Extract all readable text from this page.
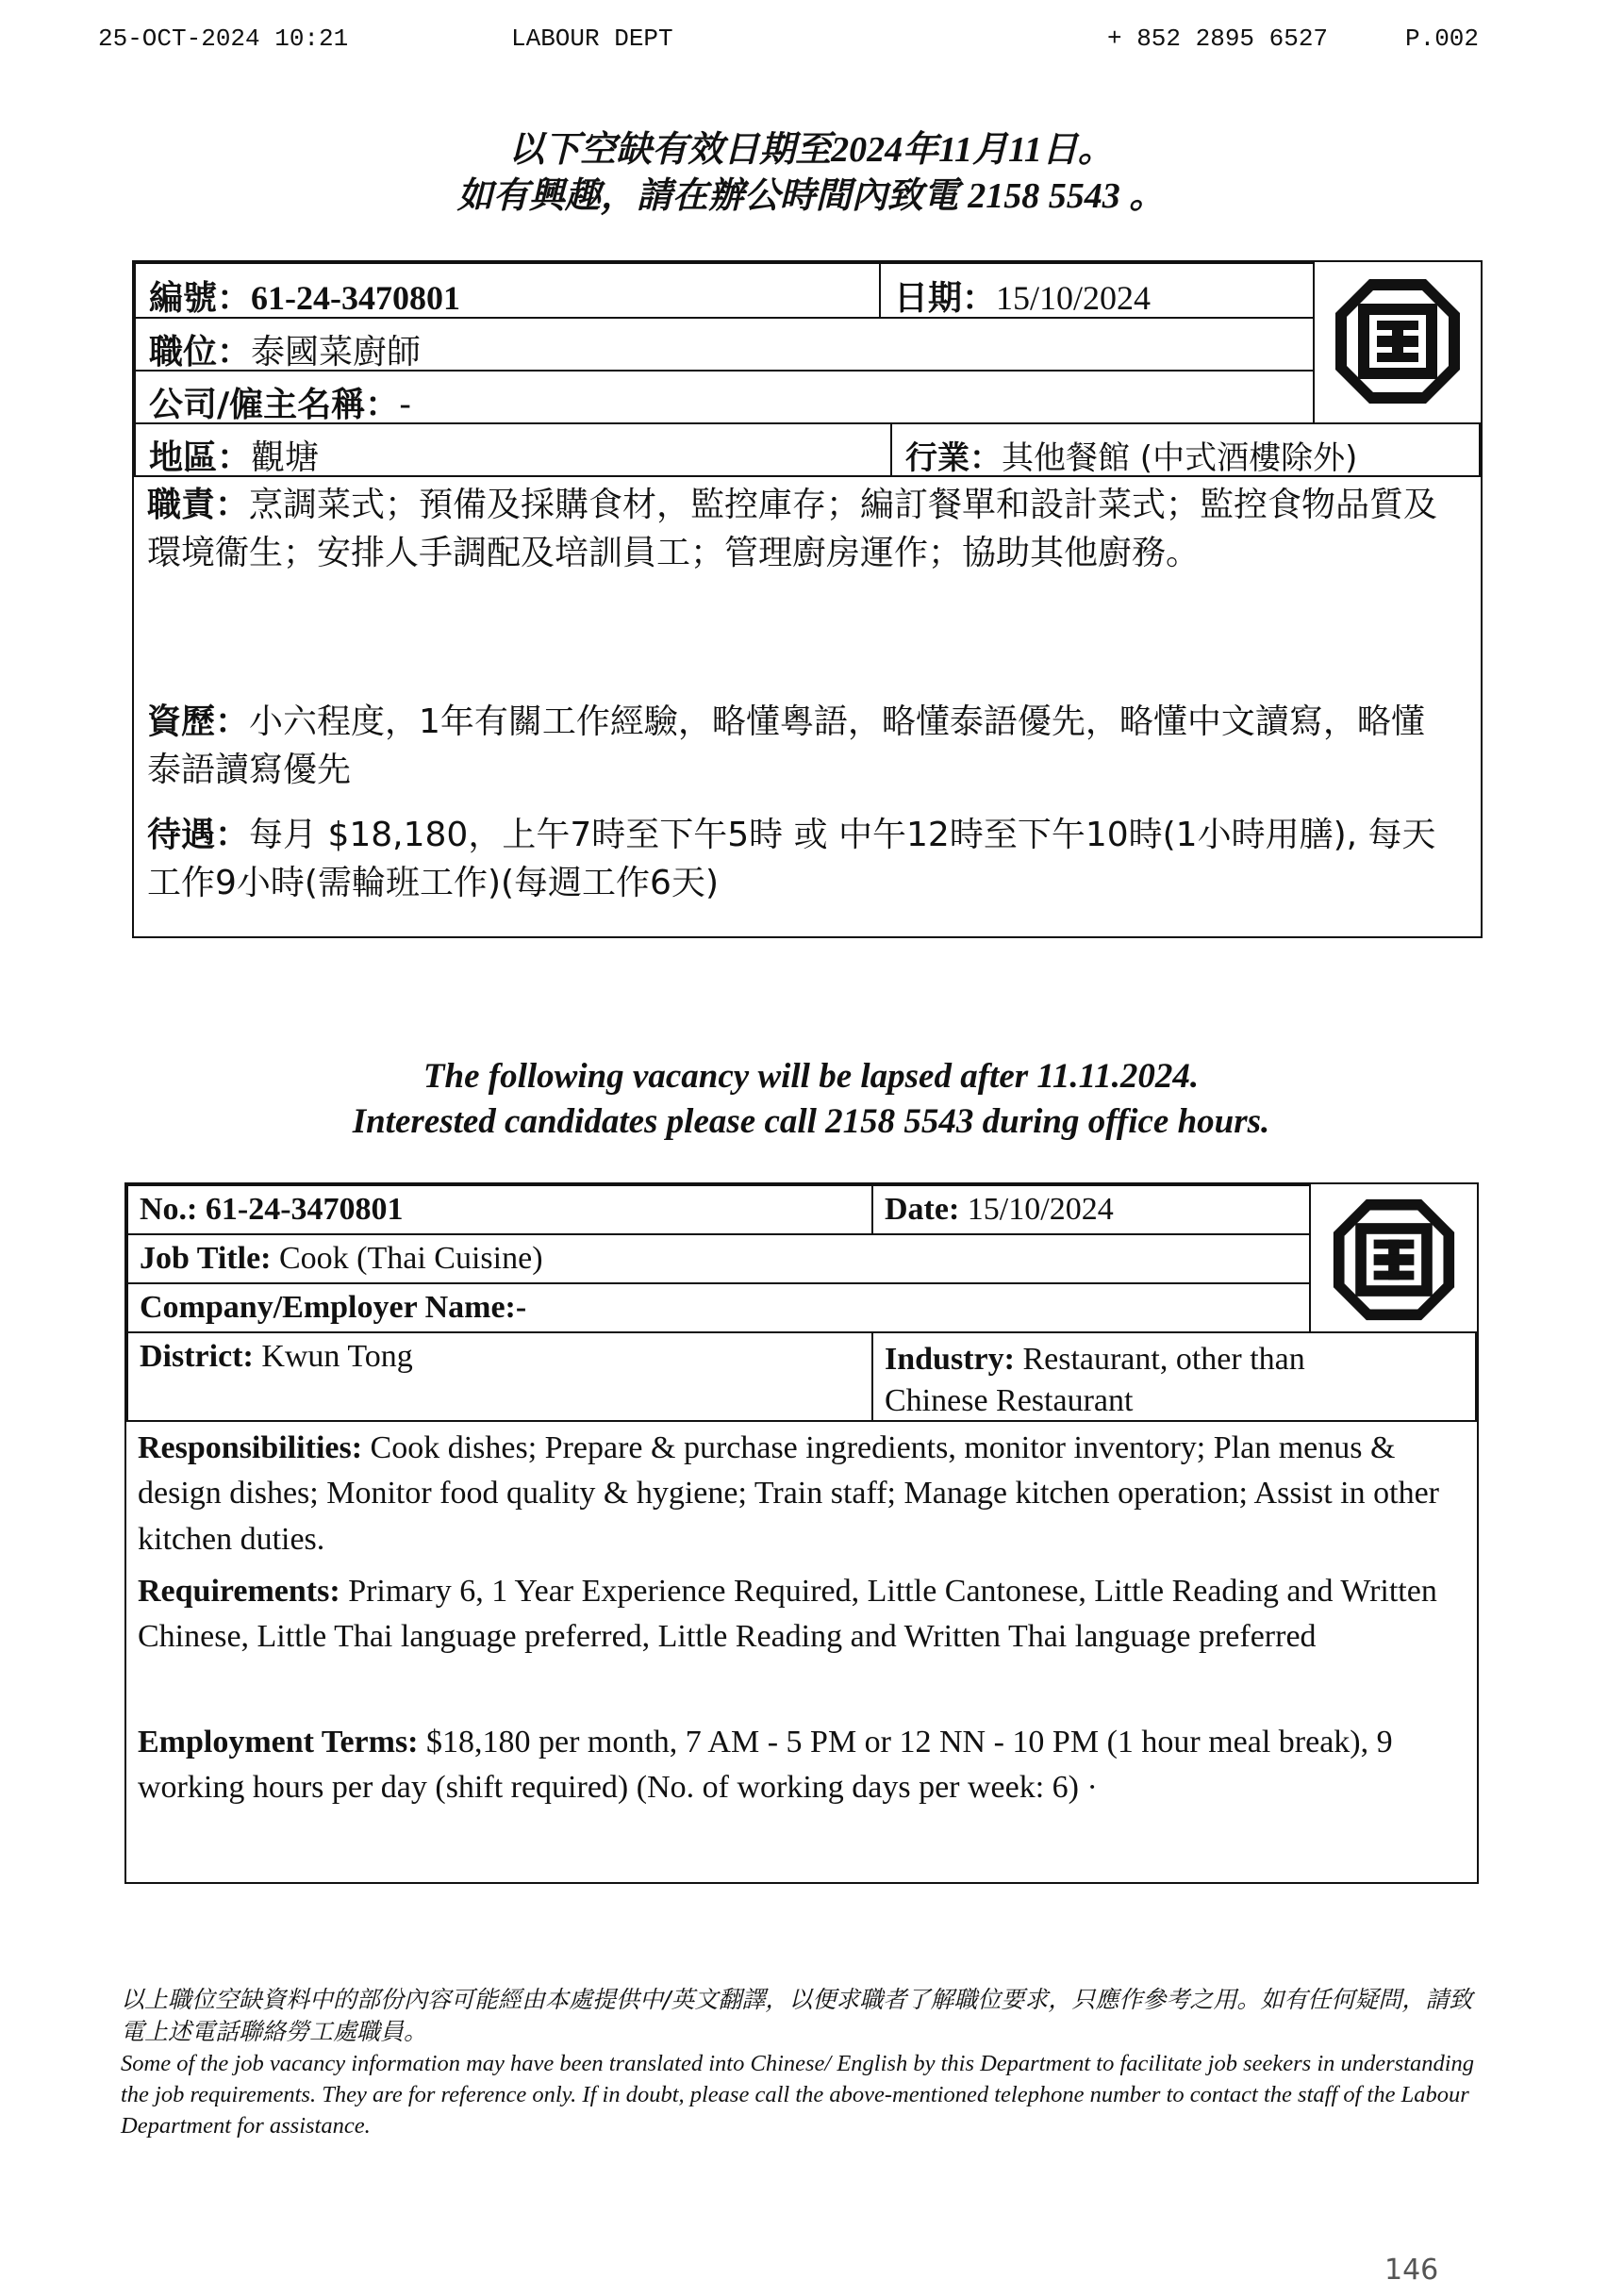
25-OCT-2024 10:21	LABOUR DEPT	+ 852 2895 6527	P.002
以下空缺有效日期至2024年11月11日。
如有興趣，請在辦公時間內致電 2158 5543 。
編號：61-24-3470801	日期：15/10/2024
職位：泰國菜廚師
公司/僱主名稱：-
地區：觀塘	行業：其他餐館 (中式酒樓除外)
職責：烹調菜式；預備及採購食材，監控庫存；編訂餐單和設計菜式；監控食物品質及環境衞生；安排人手調配及培訓員工；管理廚房運作；協助其他廚務。
資歷：小六程度，1年有關工作經驗，略懂粵語，略懂泰語優先，略懂中文讀寫，略懂泰語讀寫優先
待遇：每月 $18,180，上午7時至下午5時 或 中午12時至下午10時(1小時用膳), 每天工作9小時(需輪班工作)(每週工作6天)
The following vacancy will be lapsed after 11.11.2024.
Interested candidates please call 2158 5543 during office hours.
No.: 61-24-3470801	Date: 15/10/2024
Job Title: Cook (Thai Cuisine)
Company/Employer Name:-
District: Kwun Tong	Industry: Restaurant, other than Chinese Restaurant
Responsibilities: Cook dishes; Prepare & purchase ingredients, monitor inventory; Plan menus & design dishes; Monitor food quality & hygiene; Train staff; Manage kitchen operation; Assist in other kitchen duties.
Requirements: Primary 6, 1 Year Experience Required, Little Cantonese, Little Reading and Written Chinese, Little Thai language preferred, Little Reading and Written Thai language preferred
Employment Terms: $18,180 per month, 7 AM - 5 PM or 12 NN - 10 PM (1 hour meal break), 9 working hours per day (shift required) (No. of working days per week: 6) ·
以上職位空缺資料中的部份內容可能經由本處提供中/英文翻譯，以便求職者了解職位要求，只應作參考之用。如有任何疑問，請致電上述電話聯絡勞工處職員。
Some of the job vacancy information may have been translated into Chinese/ English by this Department to facilitate job seekers in understanding the job requirements. They are for reference only. If in doubt, please call the above-mentioned telephone number to contact the staff of the Labour Department for assistance.
146
